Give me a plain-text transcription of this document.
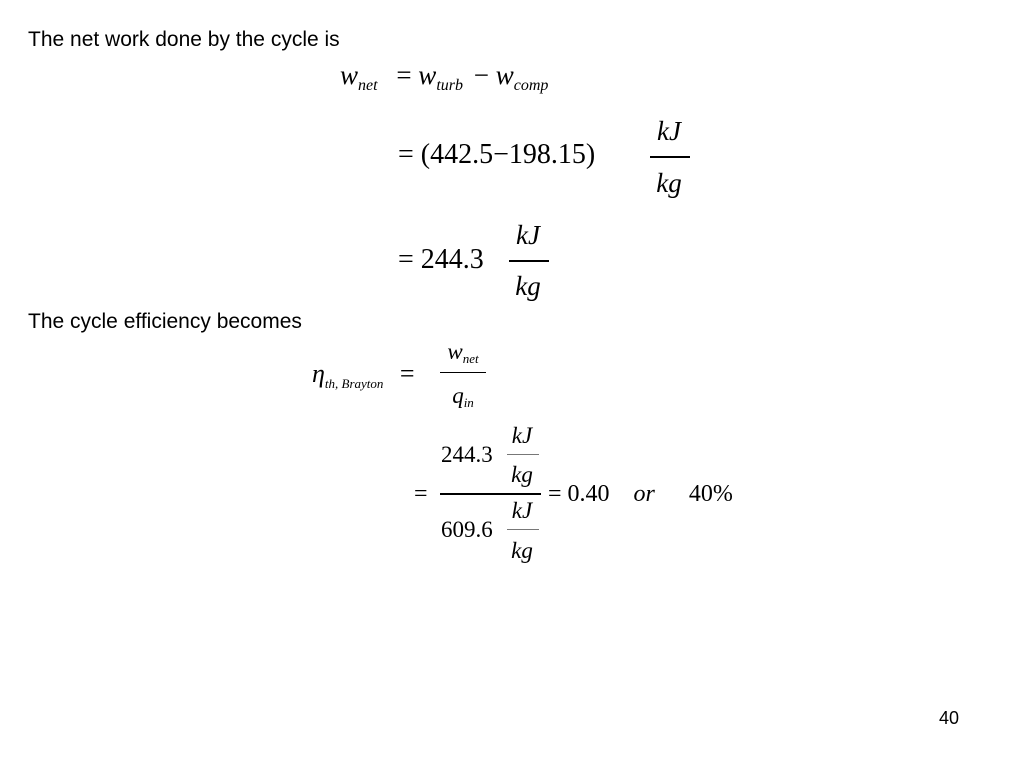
The net work done by the cycle is
$w_{net} = w_{turb} - w_{comp}$
= (442.5−198.15)
kJ
kg
= 244.3
kJ
kg
The cycle efficiency becomes
$\eta_{th, Brayton}$ =
wnet
qin
=
244.3
kJ
kg
609.6
kJ
kg
= 0.40 or 40%
40
